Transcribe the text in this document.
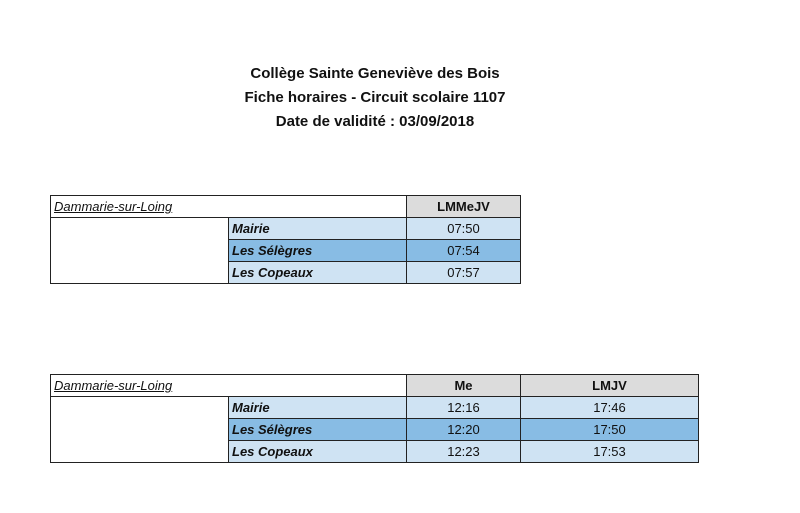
Collège Sainte Geneviève des Bois
Fiche horaires - Circuit scolaire 1107
Date de validité : 03/09/2018
Dammarie-sur-Loing		LMMeJV
	Mairie	07:50
	Les Sélègres	07:54
	Les Copeaux	07:57
Dammarie-sur-Loing		Me	LMJV
	Mairie	12:16	17:46
	Les Sélègres	12:20	17:50
	Les Copeaux	12:23	17:53
